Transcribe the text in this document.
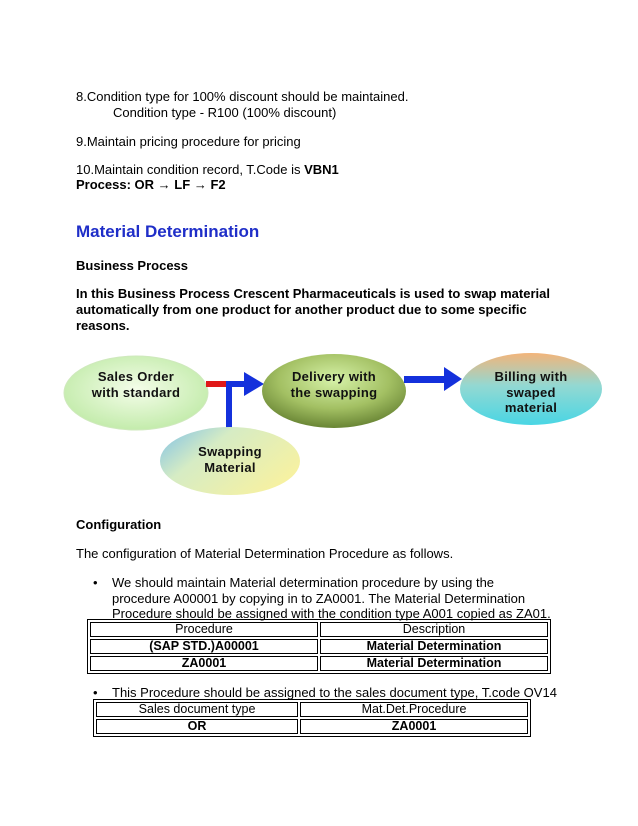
8.Condition type for 100% discount should be maintained.
Condition type - R100 (100% discount)
9.Maintain pricing procedure for pricing
10.Maintain condition record, T.Code is VBN1
Process: OR → LF → F2
Material Determination
Business Process
In this Business Process Crescent Pharmaceuticals is used to swap material automatically from one product for another product due to some specific reasons.
Sales Order with standard
Delivery with the swapping
Billing with swaped material
Swapping Material
Configuration
The configuration of Material Determination Procedure as follows.
• We should maintain Material determination procedure by using the procedure A00001 by copying in to ZA0001. The Material Determination Procedure should be assigned with the condition type A001 copied as ZA01.
Procedure	Description
(SAP STD.)A00001	Material Determination
ZA0001	Material Determination
• This Procedure should be assigned to the sales document type, T.code OV14
Sales document type	Mat.Det.Procedure
OR	ZA0001
